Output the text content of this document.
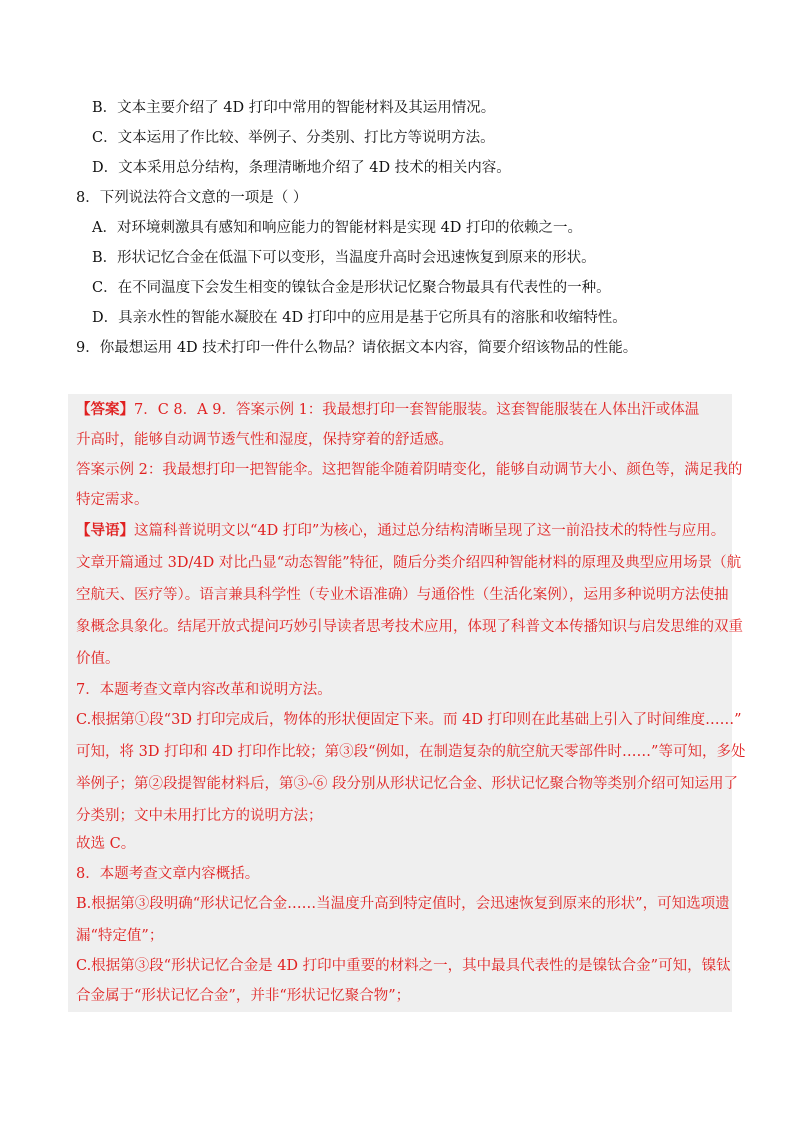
B．文本主要介绍了 4D 打印中常用的智能材料及其运用情况。
C．文本运用了作比较、举例子、分类别、打比方等说明方法。
D．文本采用总分结构，条理清晰地介绍了 4D 技术的相关内容。
8．下列说法符合文意的一项是（ ）
A．对环境刺激具有感知和响应能力的智能材料是实现 4D 打印的依赖之一。
B．形状记忆合金在低温下可以变形，当温度升高时会迅速恢复到原来的形状。
C．在不同温度下会发生相变的镍钛合金是形状记忆聚合物最具有代表性的一种。
D．具亲水性的智能水凝胶在 4D 打印中的应用是基于它所具有的溶胀和收缩特性。
9．你最想运用 4D 技术打印一件什么物品？请依据文本内容，简要介绍该物品的性能。
【答案】7．C 8．A 9．答案示例 1：我最想打印一套智能服装。这套智能服装在人体出汗或体温
升高时，能够自动调节透气性和湿度，保持穿着的舒适感。
答案示例 2：我最想打印一把智能伞。这把智能伞随着阴晴变化，能够自动调节大小、颜色等，满足我的
特定需求。
【导语】这篇科普说明文以“4D 打印”为核心，通过总分结构清晰呈现了这一前沿技术的特性与应用。
文章开篇通过 3D/4D 对比凸显“动态智能”特征，随后分类介绍四种智能材料的原理及典型应用场景（航
空航天、医疗等）。语言兼具科学性（专业术语准确）与通俗性（生活化案例），运用多种说明方法使抽
象概念具象化。结尾开放式提问巧妙引导读者思考技术应用，体现了科普文本传播知识与启发思维的双重
价值。
7．本题考查文章内容改革和说明方法。
C.根据第①段“3D 打印完成后，物体的形状便固定下来。而 4D 打印则在此基础上引入了时间维度……”
可知，将 3D 打印和 4D 打印作比较；第③段“例如，在制造复杂的航空航天零部件时……”等可知，多处
举例子；第②段提智能材料后，第③-⑥ 段分别从形状记忆合金、形状记忆聚合物等类别介绍可知运用了
分类别；文中未用打比方的说明方法；
故选 C。
8．本题考查文章内容概括。
B.根据第③段明确“形状记忆合金……当温度升高到特定值时，会迅速恢复到原来的形状”，可知选项遗
漏“特定值”；
C.根据第③段“形状记忆合金是 4D 打印中重要的材料之一，其中最具代表性的是镍钛合金”可知，镍钛
合金属于“形状记忆合金”，并非“形状记忆聚合物”；
